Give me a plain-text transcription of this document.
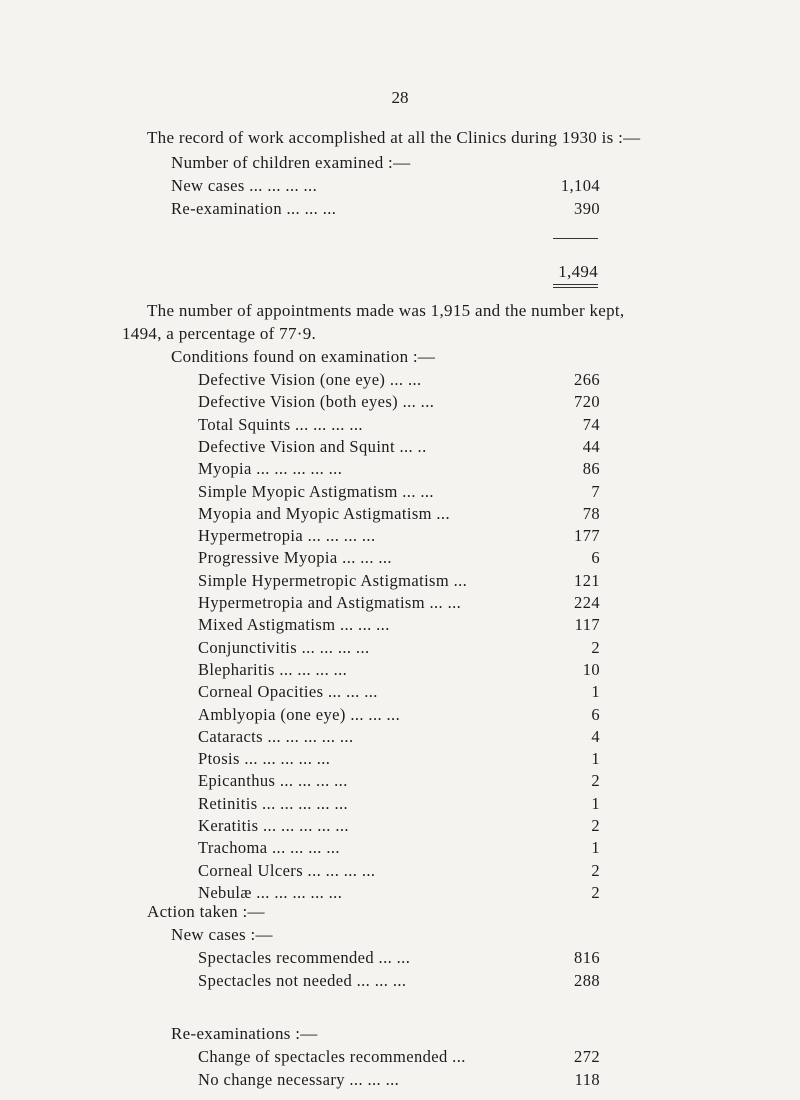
28
The record of work accomplished at all the Clinics during 1930 is :—
Number of children examined :—
New cases ... ... ... ...	1,104
Re-examination ... ... ...	390
1,494
The number of appointments made was 1,915 and the number kept,
1494, a percentage of 77·9.
Conditions found on examination :—
Defective Vision (one eye) ... ...	266
Defective Vision (both eyes) ... ...	720
Total Squints ... ... ... ...	74
Defective Vision and Squint ... ..	44
Myopia ... ... ... ... ...	86
Simple Myopic Astigmatism ... ...	7
Myopia and Myopic Astigmatism ...	78
Hypermetropia ... ... ... ...	177
Progressive Myopia ... ... ...	6
Simple Hypermetropic Astigmatism ...	121
Hypermetropia and Astigmatism ... ...	224
Mixed Astigmatism ... ... ...	117
Conjunctivitis ... ... ... ...	2
Blepharitis ... ... ... ...	10
Corneal Opacities ... ... ...	1
Amblyopia (one eye) ... ... ...	6
Cataracts ... ... ... ... ...	4
Ptosis ... ... ... ... ...	1
Epicanthus ... ... ... ...	2
Retinitis ... ... ... ... ...	1
Keratitis ... ... ... ... ...	2
Trachoma ... ... ... ...	1
Corneal Ulcers ... ... ... ...	2
Nebulæ ... ... ... ... ...	2
Action taken :—
New cases :—
Spectacles recommended ... ...	816
Spectacles not needed ... ... ...	288
Re-examinations :—
Change of spectacles recommended ...	272
No change necessary ... ... ...	118
